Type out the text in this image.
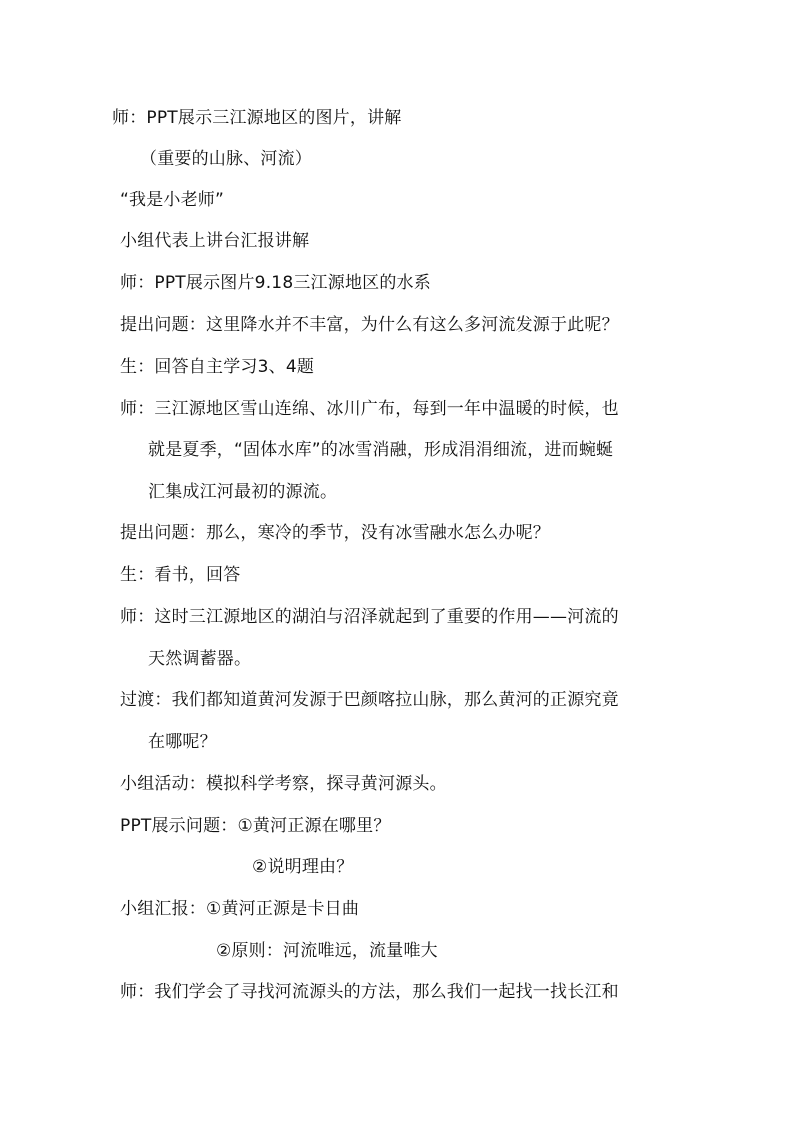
师：PPT展示三江源地区的图片，讲解
（重要的山脉、河流）
“我是小老师”
小组代表上讲台汇报讲解
师：PPT展示图片9.18三江源地区的水系
提出问题：这里降水并不丰富，为什么有这么多河流发源于此呢？
生：回答自主学习3、4题
师：三江源地区雪山连绵、冰川广布，每到一年中温暖的时候，也
就是夏季，“固体水库”的冰雪消融，形成涓涓细流，进而蜿蜒
汇集成江河最初的源流。
提出问题：那么，寒冷的季节，没有冰雪融水怎么办呢？
生：看书，回答
师：这时三江源地区的湖泊与沼泽就起到了重要的作用——河流的
天然调蓄器。
过渡：我们都知道黄河发源于巴颜喀拉山脉，那么黄河的正源究竟
在哪呢？
小组活动：模拟科学考察，探寻黄河源头。
PPT展示问题：①黄河正源在哪里？
②说明理由？
小组汇报：①黄河正源是卡日曲
②原则：河流唯远，流量唯大
师：我们学会了寻找河流源头的方法，那么我们一起找一找长江和
